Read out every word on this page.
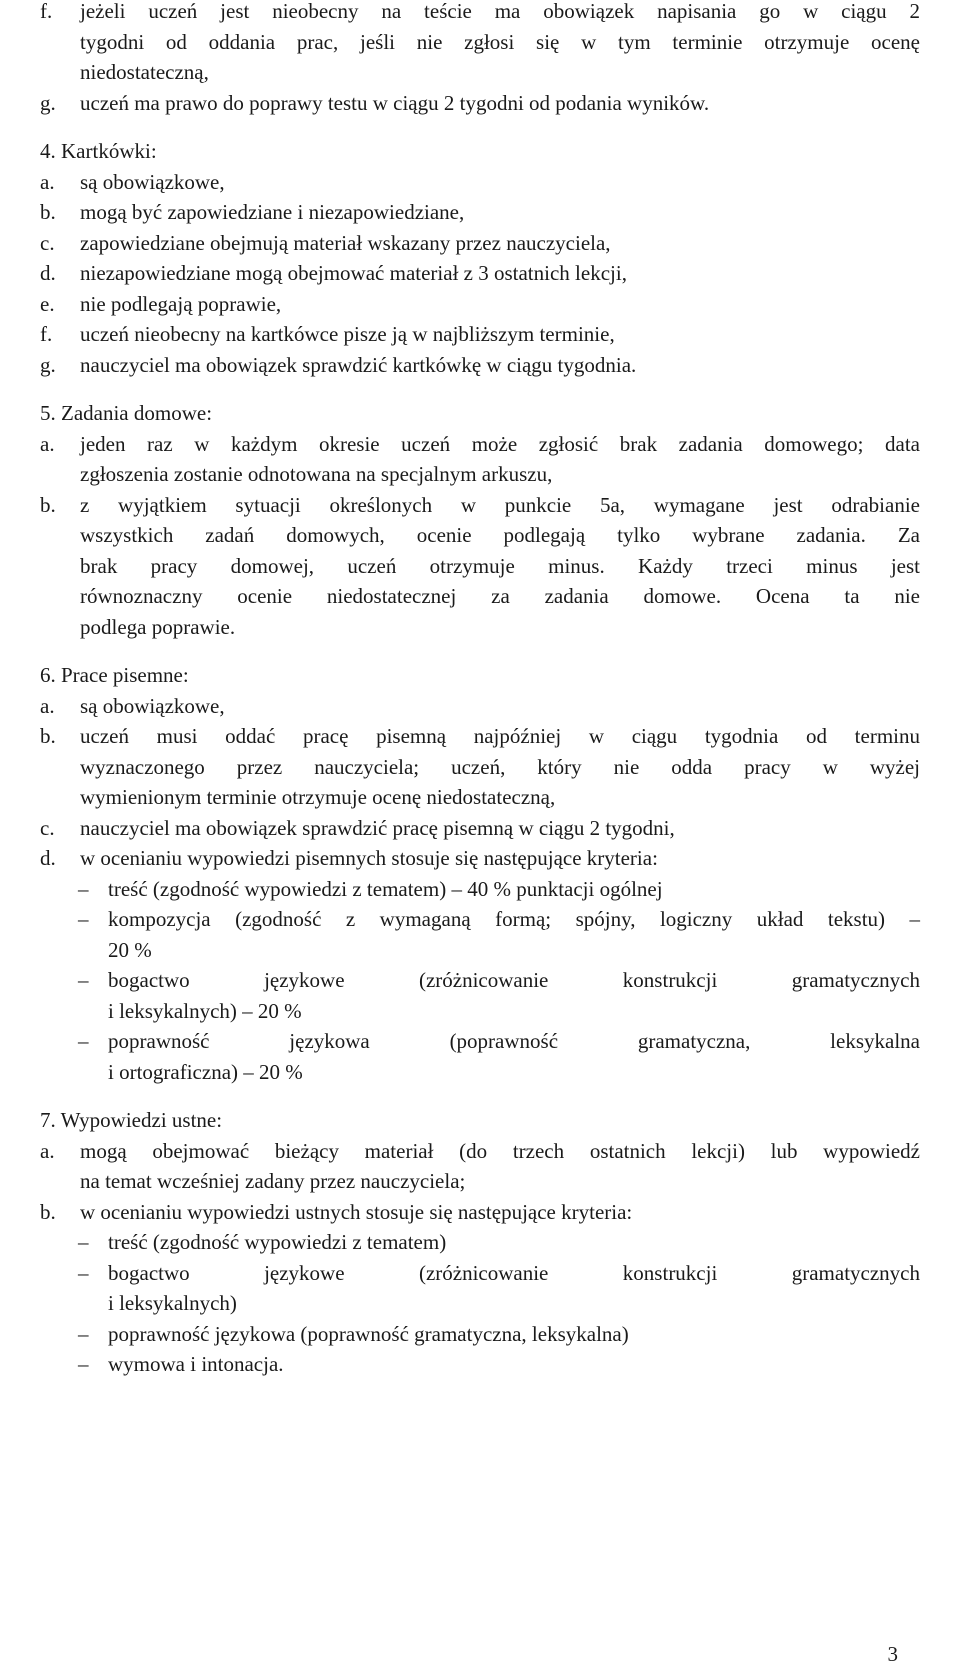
f. jeżeli uczeń jest nieobecny na teście ma obowiązek napisania go w ciągu 2
tygodni od oddania prac, jeśli nie zgłosi się w tym terminie otrzymuje ocenę
niedostateczną,
g. uczeń ma prawo do poprawy testu w ciągu 2 tygodni od podania wyników.
4. Kartkówki:
a. są obowiązkowe,
b. mogą być zapowiedziane i niezapowiedziane,
c. zapowiedziane obejmują materiał wskazany przez nauczyciela,
d. niezapowiedziane mogą obejmować materiał z 3 ostatnich lekcji,
e. nie podlegają poprawie,
f. uczeń nieobecny na kartkówce pisze ją w najbliższym terminie,
g. nauczyciel ma obowiązek sprawdzić kartkówkę w ciągu tygodnia.
5. Zadania domowe:
a. jeden raz w każdym okresie uczeń może zgłosić brak zadania domowego; data
zgłoszenia zostanie odnotowana na specjalnym arkuszu,
b. z wyjątkiem sytuacji określonych w punkcie 5a, wymagane jest odrabianie
wszystkich zadań domowych, ocenie podlegają tylko wybrane zadania. Za
brak pracy domowej, uczeń otrzymuje minus. Każdy trzeci minus jest
równoznaczny ocenie niedostatecznej za zadania domowe. Ocena ta nie
podlega poprawie.
6. Prace pisemne:
a. są obowiązkowe,
b. uczeń musi oddać pracę pisemną najpóźniej w ciągu tygodnia od terminu
wyznaczonego przez nauczyciela; uczeń, który nie odda pracy w wyżej
wymienionym terminie otrzymuje ocenę niedostateczną,
c. nauczyciel ma obowiązek sprawdzić pracę pisemną w ciągu 2 tygodni,
d. w ocenianiu wypowiedzi pisemnych stosuje się następujące kryteria:
– treść (zgodność wypowiedzi z tematem) – 40 % punktacji ogólnej
– kompozycja (zgodność z wymaganą formą; spójny, logiczny układ tekstu) –
20 %
– bogactwo językowe (zróżnicowanie konstrukcji gramatycznych
i leksykalnych) – 20 %
– poprawność językowa (poprawność gramatyczna, leksykalna
i ortograficzna) – 20 %
7. Wypowiedzi ustne:
a. mogą obejmować bieżący materiał (do trzech ostatnich lekcji) lub wypowiedź
na temat wcześniej zadany przez nauczyciela;
b. w ocenianiu wypowiedzi ustnych stosuje się następujące kryteria:
– treść (zgodność wypowiedzi z tematem)
– bogactwo językowe (zróżnicowanie konstrukcji gramatycznych
i leksykalnych)
– poprawność językowa (poprawność gramatyczna, leksykalna)
– wymowa i intonacja.
3
